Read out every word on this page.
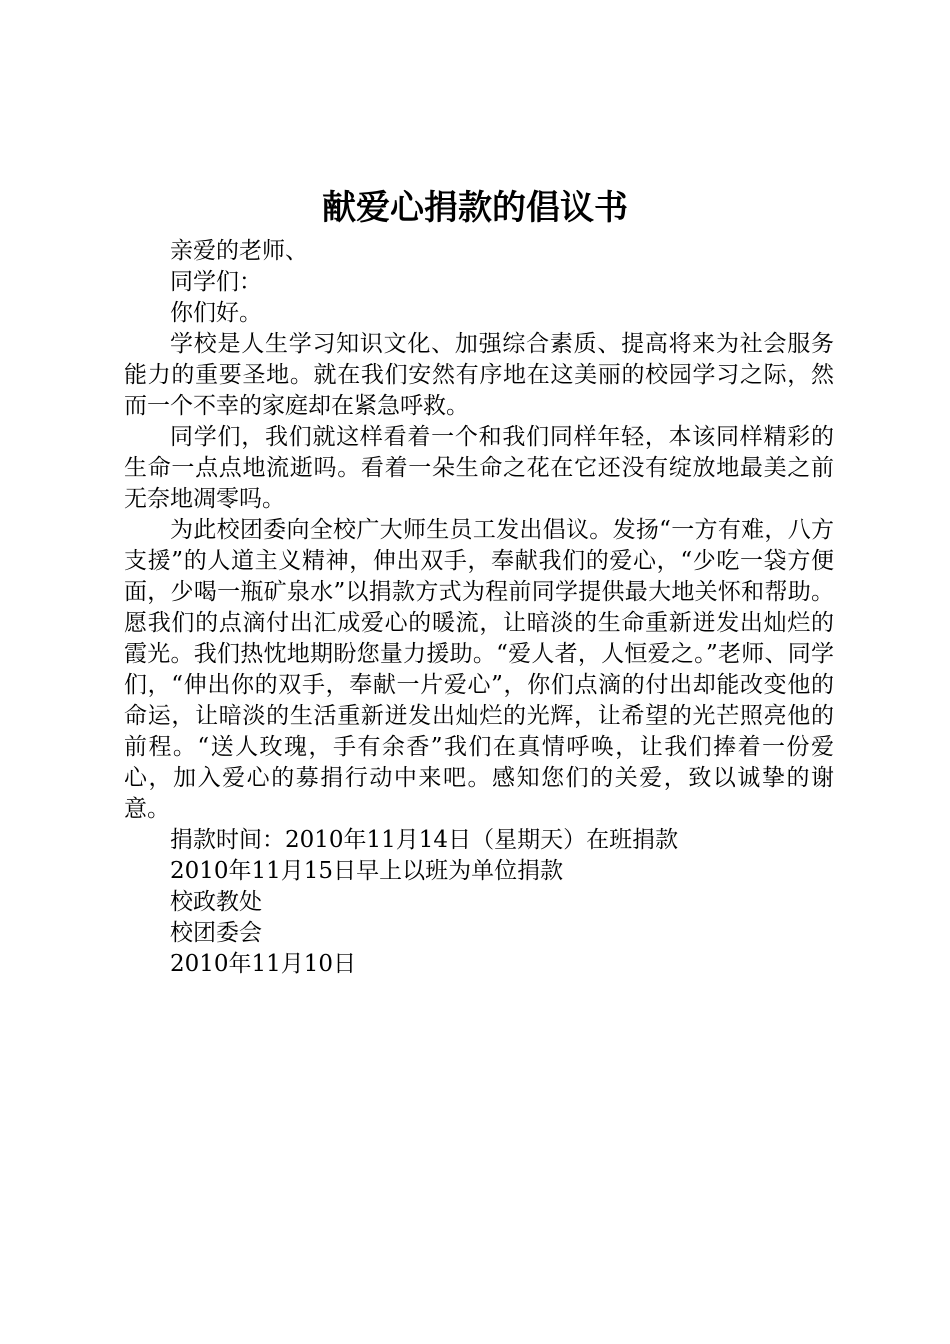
献爱心捐款的倡议书

亲爱的老师、

同学们：

你们好。

学校是人生学习知识文化、加强综合素质、提高将来为社会服务能力的重要圣地。就在我们安然有序地在这美丽的校园学习之际，然而一个不幸的家庭却在紧急呼救。

同学们，我们就这样看着一个和我们同样年轻，本该同样精彩的生命一点点地流逝吗。看着一朵生命之花在它还没有绽放地最美之前无奈地凋零吗。

为此校团委向全校广大师生员工发出倡议。发扬“一方有难，八方支援”的人道主义精神，伸出双手，奉献我们的爱心，“少吃一袋方便面，少喝一瓶矿泉水”以捐款方式为程前同学提供最大地关怀和帮助。愿我们的点滴付出汇成爱心的暖流，让暗淡的生命重新迸发出灿烂的霞光。我们热忱地期盼您量力援助。“爱人者，人恒爱之。”老师、同学们，“伸出你的双手，奉献一片爱心”，你们点滴的付出却能改变他的命运，让暗淡的生活重新迸发出灿烂的光辉，让希望的光芒照亮他的前程。“送人玫瑰，手有余香”我们在真情呼唤，让我们捧着一份爱心，加入爱心的募捐行动中来吧。感知您们的关爱，致以诚挚的谢意。

捐款时间：2010年11月14日（星期天）在班捐款

2010年11月15日早上以班为单位捐款

校政教处

校团委会

2010年11月10日
